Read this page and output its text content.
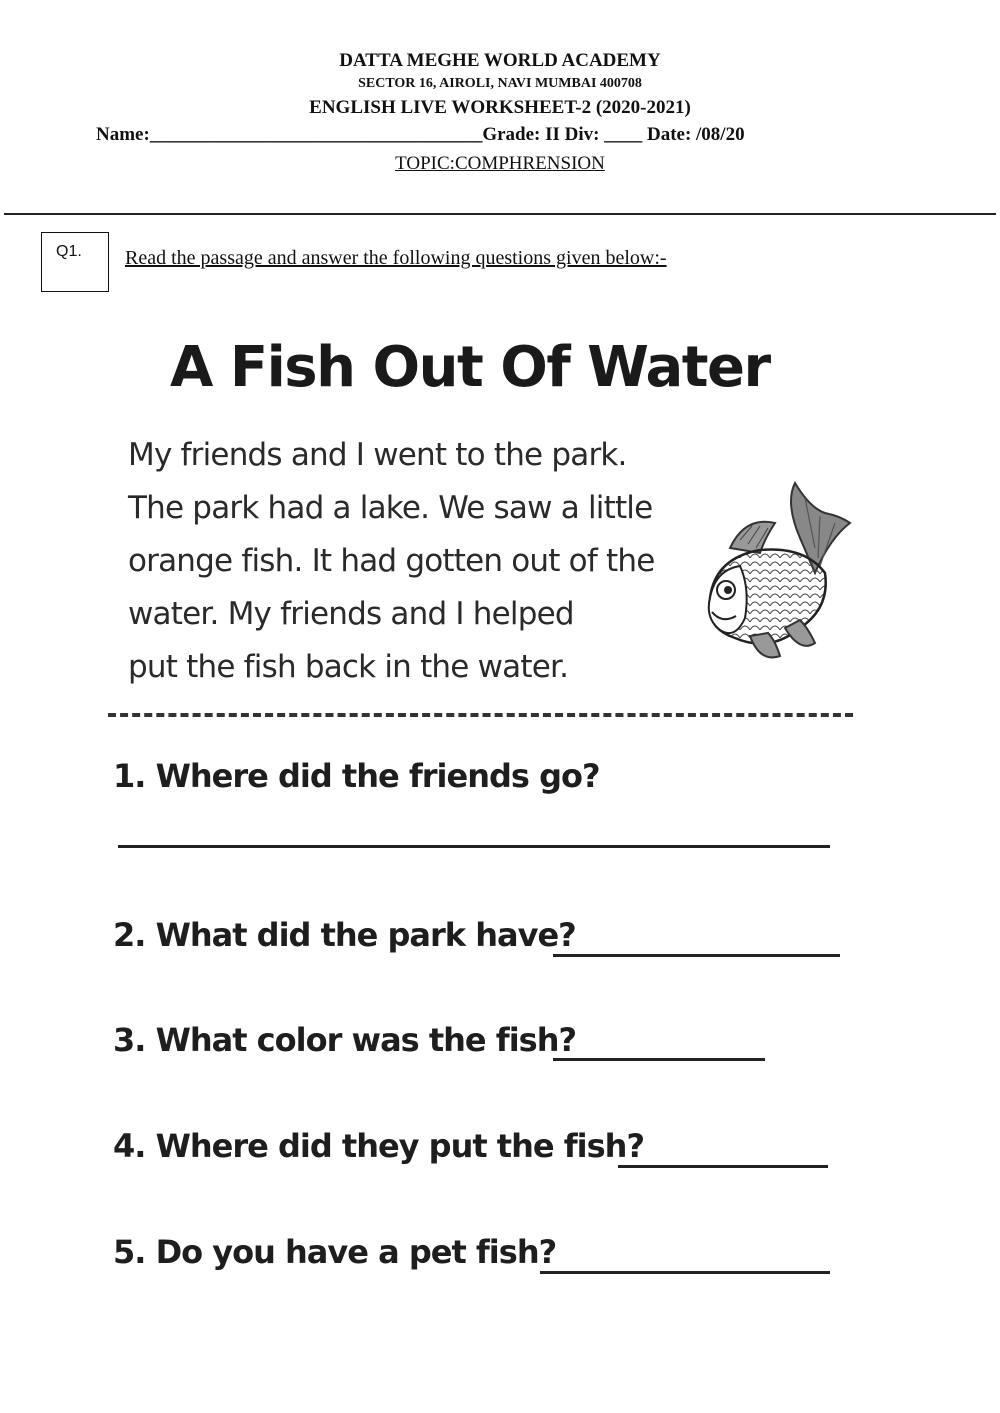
DATTA MEGHE WORLD ACADEMY
SECTOR 16, AIROLI, NAVI MUMBAI 400708
ENGLISH LIVE WORKSHEET-2 (2020-2021)
Name:___________________________________Grade: II Div: ____ Date: /08/20
TOPIC:COMPHRENSION
Q1. Read the passage and answer the following questions given below:-
A Fish Out Of Water
My friends and I went to the park.
The park had a lake. We saw a little
orange fish. It had gotten out of the
water. My friends and I helped
put the fish back in the water.
1. Where did the friends go?
2. What did the park have?
3. What color was the fish?
4. Where did they put the fish?
5. Do you have a pet fish?
